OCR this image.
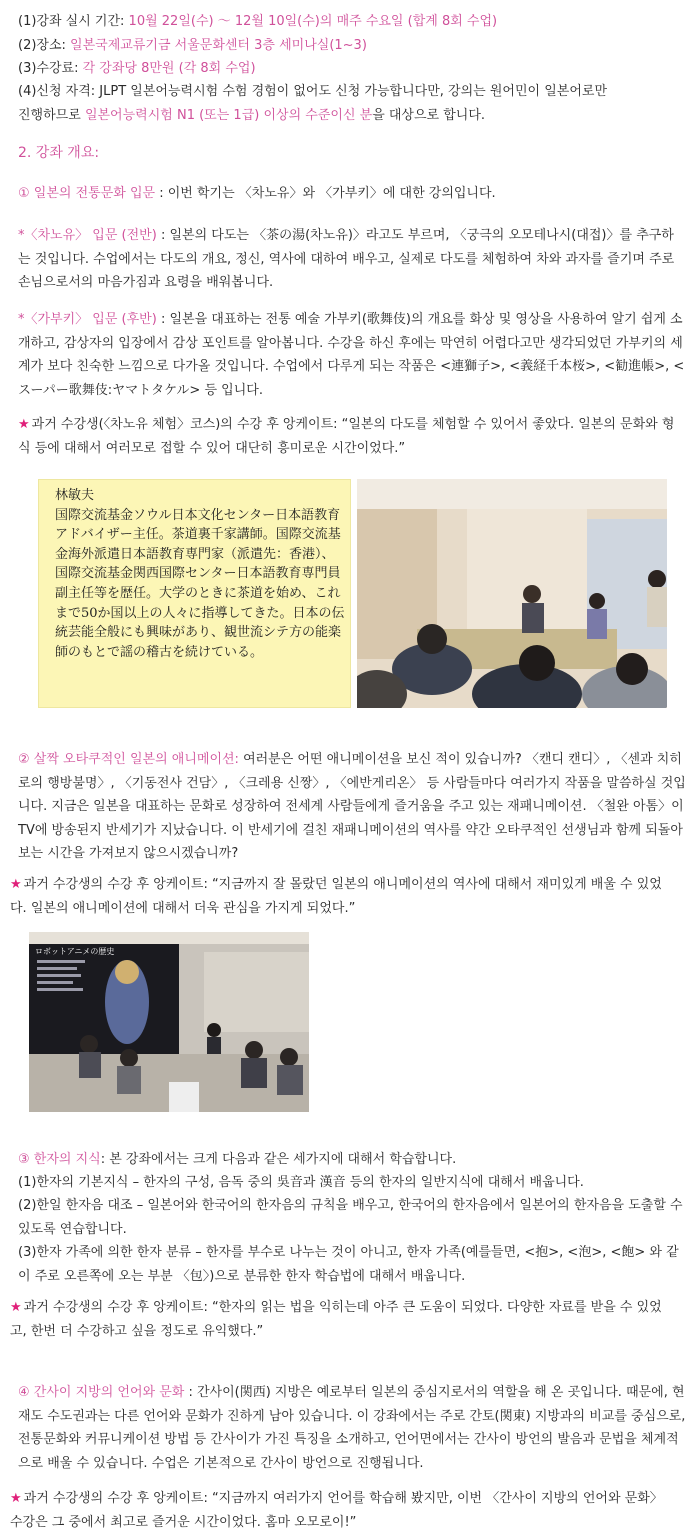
(1)강좌 실시 기간: 10월 22일(수) ～ 12월 10일(수)의 매주 수요일 (합계 8회 수업)

(2)장소: 일본국제교류기금 서울문화센터 3층 세미나실(1~3)

(3)수강료: 각 강좌당 8만원 (각 8회 수업)

(4)신청 자격: JLPT 일본어능력시험 수험 경험이 없어도 신청 가능합니다만, 강의는 원어민이 일본어로만
진행하므로 일본어능력시험 N1 (또는 1급) 이상의 수준이신 분을 대상으로 합니다.

2. 강좌 개요:

① 일본의 전통문화 입문 : 이번 학기는 〈차노유〉와 〈가부키〉에 대한 강의입니다.

*〈차노유〉 입문 (전반) : 일본의 다도는 〈茶の湯(차노유)〉라고도 부르며, 〈궁극의 오모테나시(대접)〉를 추구하는 것입니다. 수업에서는 다도의 개요, 정신, 역사에 대하여 배우고, 실제로 다도를 체험하여 차와 과자를 즐기며 주로 손님으로서의 마음가짐과 요령을 배워봅니다.

*〈가부키〉 입문 (후반) : 일본을 대표하는 전통 예술 가부키(歌舞伎)의 개요를 화상 및 영상을 사용하여 알기 쉽게 소개하고, 감상자의 입장에서 감상 포인트를 알아봅니다. 수강을 하신 후에는 막연히 어렵다고만 생각되었던 가부키의 세계가 보다 친숙한 느낌으로 다가올 것입니다. 수업에서 다루게 되는 작품은 <連獅子>, <義経千本桜>, <勧進帳>, <スーパー歌舞伎:ヤマトタケル> 등 입니다.

★ 과거 수강생(〈차노유 체험〉코스)의 수강 후 앙케이트: “일본의 다도를 체험할 수 있어서 좋았다. 일본의 문화와 형식 등에 대해서 여러모로 접할 수 있어 대단히 흥미로운 시간이었다.”

林敏夫
国際交流基金ソウル日本文化センター日本語教育アドバイザー主任。茶道裏千家講師。国際交流基金海外派遣日本語教育専門家（派遣先：香港）、国際交流基金関西国際センター日本語教育専門員副主任等を歴任。大学のときに茶道を始め、これまで50か国以上の人々に指導してきた。日本の伝統芸能全般にも興味があり、観世流シテ方の能楽師のもとで謡の稽古を続けている。

② 살짝 오타쿠적인 일본의 애니메이션: 여러분은 어떤 애니메이션을 보신 적이 있습니까? 〈캔디 캔디〉, 〈센과 치히로의 행방불명〉, 〈기동전사 건담〉, 〈크레용 신짱〉, 〈에반게리온〉 등 사람들마다 여러가지 작품을 말씀하실 것입니다. 지금은 일본을 대표하는 문화로 성장하여 전세계 사람들에게 즐거움을 주고 있는 재패니메이션. 〈철완 아톰〉이 TV에 방송된지 반세기가 지났습니다. 이 반세기에 걸친 재패니메이션의 역사를 약간 오타쿠적인 선생님과 함께 되돌아 보는 시간을 가져보지 않으시겠습니까?

★ 과거 수강생의 수강 후 앙케이트: “지금까지 잘 몰랐던 일본의 애니메이션의 역사에 대해서 재미있게 배울 수 있었다. 일본의 애니메이션에 대해서 더욱 관심을 가지게 되었다.”

ロボットアニメの歴史

③ 한자의 지식: 본 강좌에서는 크게 다음과 같은 세가지에 대해서 학습합니다.

(1)한자의 기본지식 – 한자의 구성, 음독 중의 吳音과 漢音 등의 한자의 일반지식에 대해서 배웁니다.

(2)한일 한자음 대조 – 일본어와 한국어의 한자음의 규칙을 배우고, 한국어의 한자음에서 일본어의 한자음을 도출할 수 있도록 연습합니다.

(3)한자 가족에 의한 한자 분류 – 한자를 부수로 나누는 것이 아니고, 한자 가족(예를들면, <抱>, <泡>, <飽> 와 같이 주로 오른쪽에 오는 부분 〈包〉)으로 분류한 한자 학습법에 대해서 배웁니다.

★ 과거 수강생의 수강 후 앙케이트: “한자의 읽는 법을 익히는데 아주 큰 도움이 되었다. 다양한 자료를 받을 수 있었고, 한번 더 수강하고 싶을 정도로 유익했다.”

④ 간사이 지방의 언어와 문화 : 간사이(関西) 지방은 예로부터 일본의 중심지로서의 역할을 해 온 곳입니다. 때문에, 현재도 수도권과는 다른 언어와 문화가 진하게 남아 있습니다. 이 강좌에서는 주로 간토(関東) 지방과의 비교를 중심으로, 전통문화와 커뮤니케이션 방법 등 간사이가 가진 특징을 소개하고, 언어면에서는 간사이 방언의 발음과 문법을 체계적으로 배울 수 있습니다. 수업은 기본적으로 간사이 방언으로 진행됩니다.

★ 과거 수강생의 수강 후 앙케이트: “지금까지 여러가지 언어를 학습해 봤지만, 이번 〈간사이 지방의 언어와 문화〉 수강은 그 중에서 최고로 즐거운 시간이었다. 홈마 오모로이!”
